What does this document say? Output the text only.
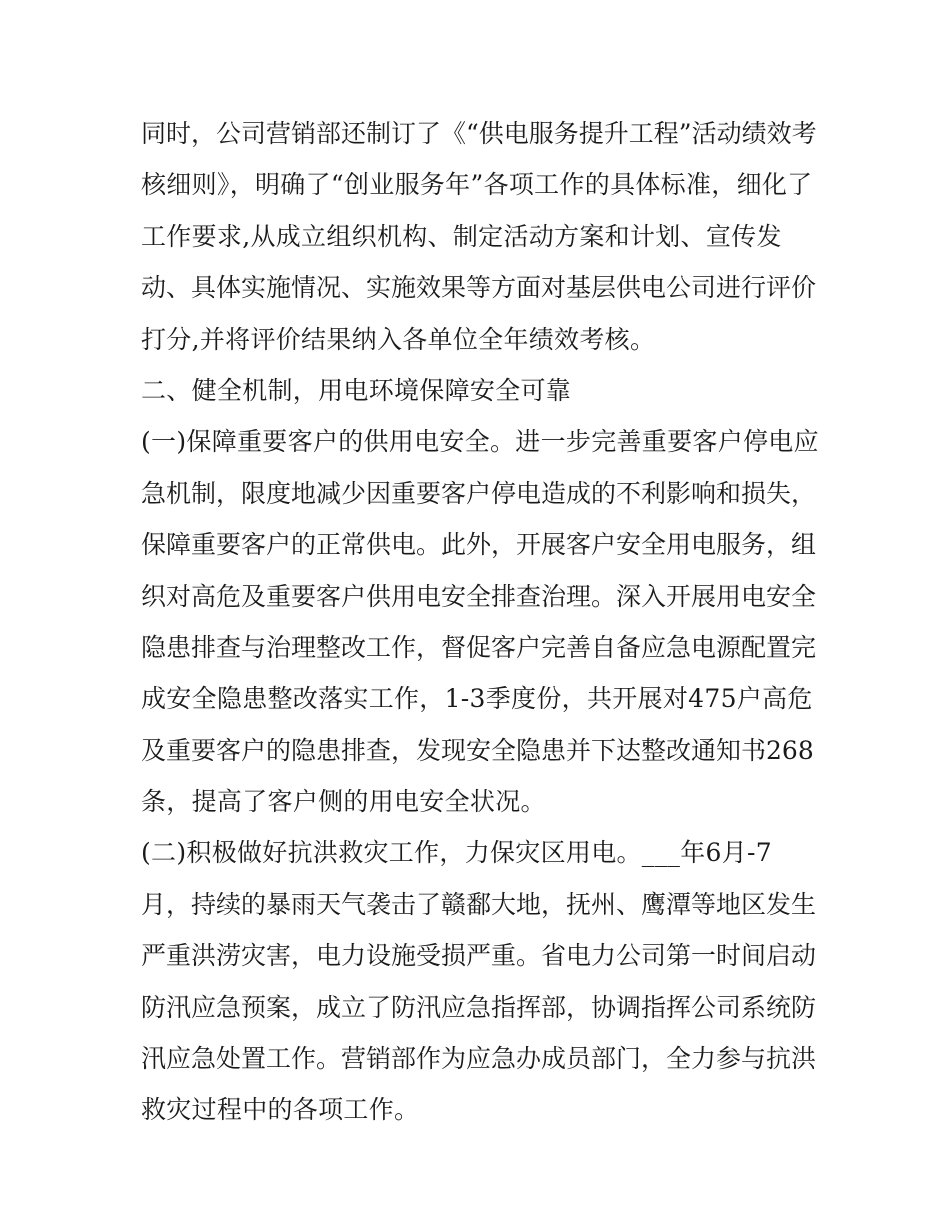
同时，公司营销部还制订了《“供电服务提升工程”活动绩效考
核细则》，明确了“创业服务年”各项工作的具体标准，细化了
工作要求,从成立组织机构、制定活动方案和计划、宣传发
动、具体实施情况、实施效果等方面对基层供电公司进行评价
打分,并将评价结果纳入各单位全年绩效考核。
二、健全机制，用电环境保障安全可靠
(一)保障重要客户的供用电安全。进一步完善重要客户停电应
急机制，限度地减少因重要客户停电造成的不利影响和损失，
保障重要客户的正常供电。此外，开展客户安全用电服务，组
织对高危及重要客户供用电安全排查治理。深入开展用电安全
隐患排查与治理整改工作，督促客户完善自备应急电源配置完
成安全隐患整改落实工作，1-3季度份，共开展对475户高危
及重要客户的隐患排查，发现安全隐患并下达整改通知书268
条，提高了客户侧的用电安全状况。
(二)积极做好抗洪救灾工作，力保灾区用电。___年6月-7
月，持续的暴雨天气袭击了赣鄱大地，抚州、鹰潭等地区发生
严重洪涝灾害，电力设施受损严重。省电力公司第一时间启动
防汛应急预案，成立了防汛应急指挥部，协调指挥公司系统防
汛应急处置工作。营销部作为应急办成员部门，全力参与抗洪
救灾过程中的各项工作。
